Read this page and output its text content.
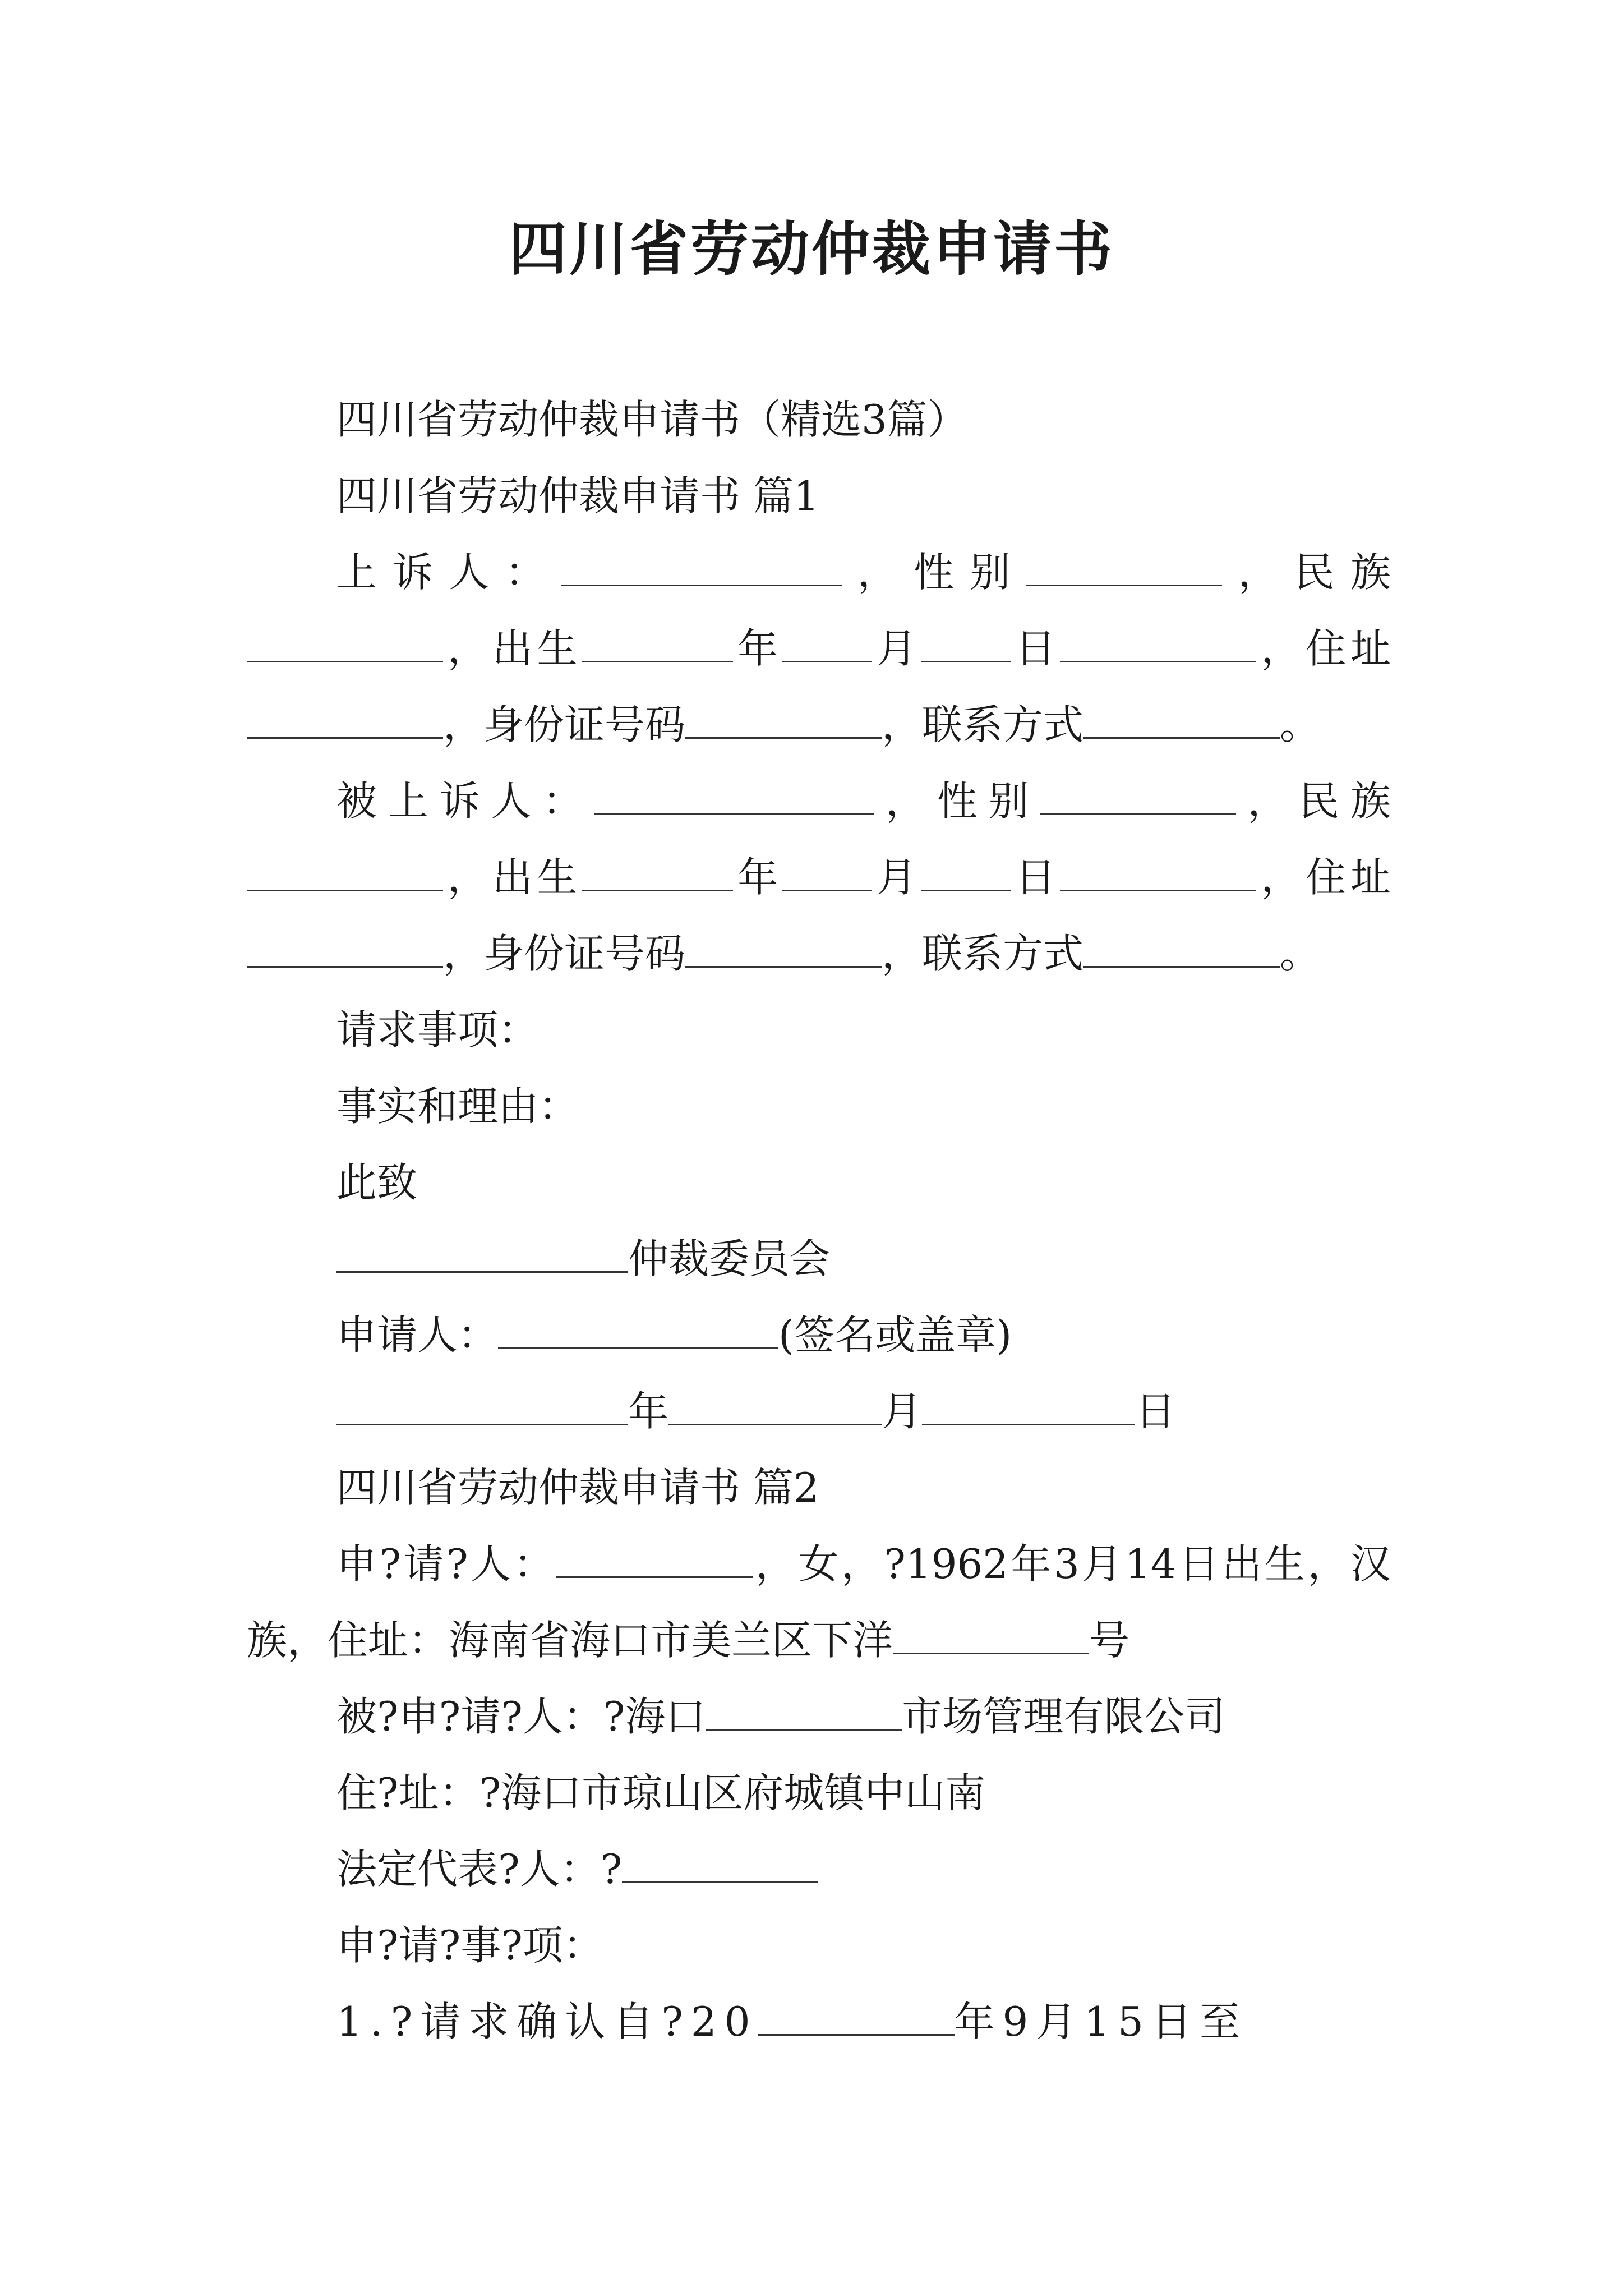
四川省劳动仲裁申请书

四川省劳动仲裁申请书（精选3篇）

四川省劳动仲裁申请书 篇1

上诉人：	，性别	，民族，出生	年 月 日	，住址，身份证号码	，联系方式	。

被上诉人：	，性别	，民族，出生	年 月 日	，住址，身份证号码	，联系方式	。

请求事项：

事实和理由：

此致

仲裁委员会

申请人：	(签名或盖章)

年	月	日

四川省劳动仲裁申请书 篇2

申?请?人：	，女，?1962年3月14日出生，汉族，住址：海南省海口市美兰区下洋	号

被?申?请?人：?海口	市场管理有限公司

住?址：?海口市琼山区府城镇中山南

法定代表?人：?

申?请?事?项：

1.?请求确认自?20	年9月15日至
